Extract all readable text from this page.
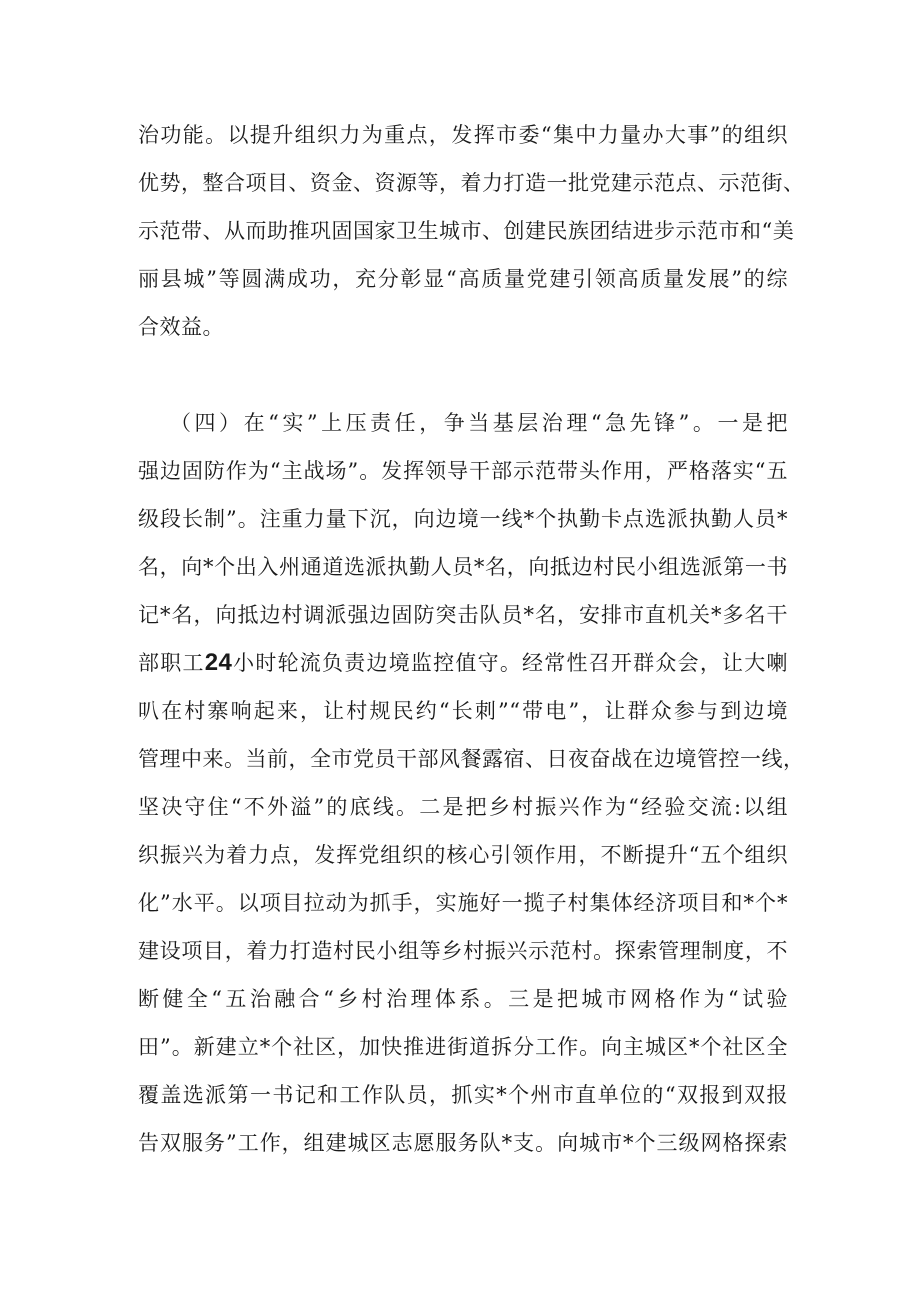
治功能。以提升组织力为重点，发挥市委“集中力量办大事”的组织
优势，整合项目、资金、资源等，着力打造一批党建示范点、示范街、
示范带、从而助推巩固国家卫生城市、创建民族团结进步示范市和“美
丽县城”等圆满成功，充分彰显“高质量党建引领高质量发展”的综
合效益。
（四）在“实”上压责任，争当基层治理“急先锋”。一是把
强边固防作为“主战场”。发挥领导干部示范带头作用，严格落实“五
级段长制”。注重力量下沉，向边境一线*个执勤卡点选派执勤人员*
名，向*个出入州通道选派执勤人员*名，向抵边村民小组选派第一书
记*名，向抵边村调派强边固防突击队员*名，安排市直机关*多名干
部职工24小时轮流负责边境监控值守。经常性召开群众会，让大喇
叭在村寨响起来，让村规民约“长刺”“带电”，让群众参与到边境
管理中来。当前，全市党员干部风餐露宿、日夜奋战在边境管控一线，
坚决守住“不外溢”的底线。二是把乡村振兴作为“经验交流:以组
织振兴为着力点，发挥党组织的核心引领作用，不断提升“五个组织
化”水平。以项目拉动为抓手，实施好一揽子村集体经济项目和*个*
建设项目，着力打造村民小组等乡村振兴示范村。探索管理制度，不
断健全“五治融合“乡村治理体系。三是把城市网格作为“试验
田”。新建立*个社区，加快推进街道拆分工作。向主城区*个社区全
覆盖选派第一书记和工作队员，抓实*个州市直单位的“双报到双报
告双服务”工作，组建城区志愿服务队*支。向城市*个三级网格探索
